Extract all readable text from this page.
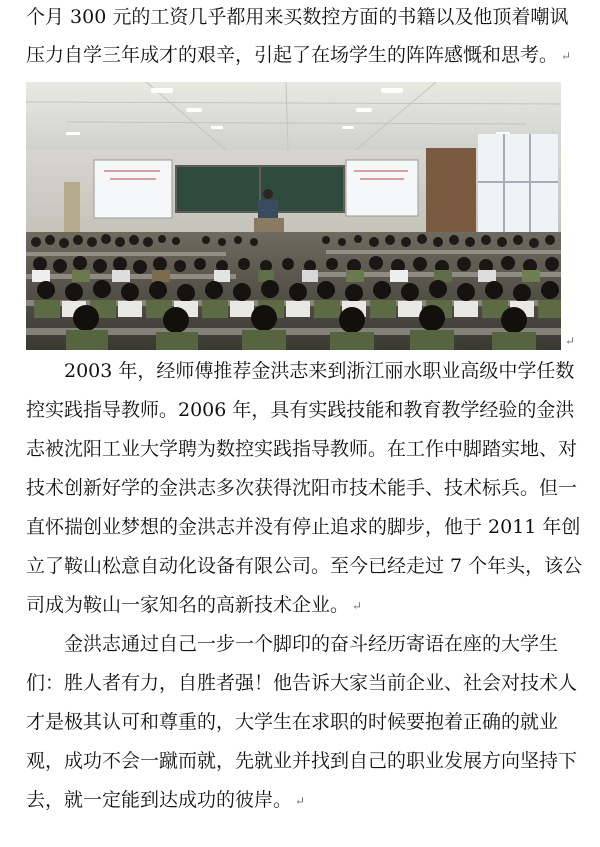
个月 300 元的工资几乎都用来买数控方面的书籍以及他顶着嘲讽
压力自学三年成才的艰辛，引起了在场学生的阵阵感慨和思考。 ↵
↵
2003 年，经师傅推荐金洪志来到浙江丽水职业高级中学任数
控实践指导教师。2006 年，具有实践技能和教育教学经验的金洪
志被沈阳工业大学聘为数控实践指导教师。在工作中脚踏实地、对
技术创新好学的金洪志多次获得沈阳市技术能手、技术标兵。但一
直怀揣创业梦想的金洪志并没有停止追求的脚步，他于 2011 年创
立了鞍山松意自动化设备有限公司。至今已经走过 7 个年头，该公
司成为鞍山一家知名的高新技术企业。 ↵
金洪志通过自己一步一个脚印的奋斗经历寄语在座的大学生
们：胜人者有力，自胜者强！他告诉大家当前企业、社会对技术人
才是极其认可和尊重的，大学生在求职的时候要抱着正确的就业
观，成功不会一蹴而就，先就业并找到自己的职业发展方向坚持下
去，就一定能到达成功的彼岸。 ↵
